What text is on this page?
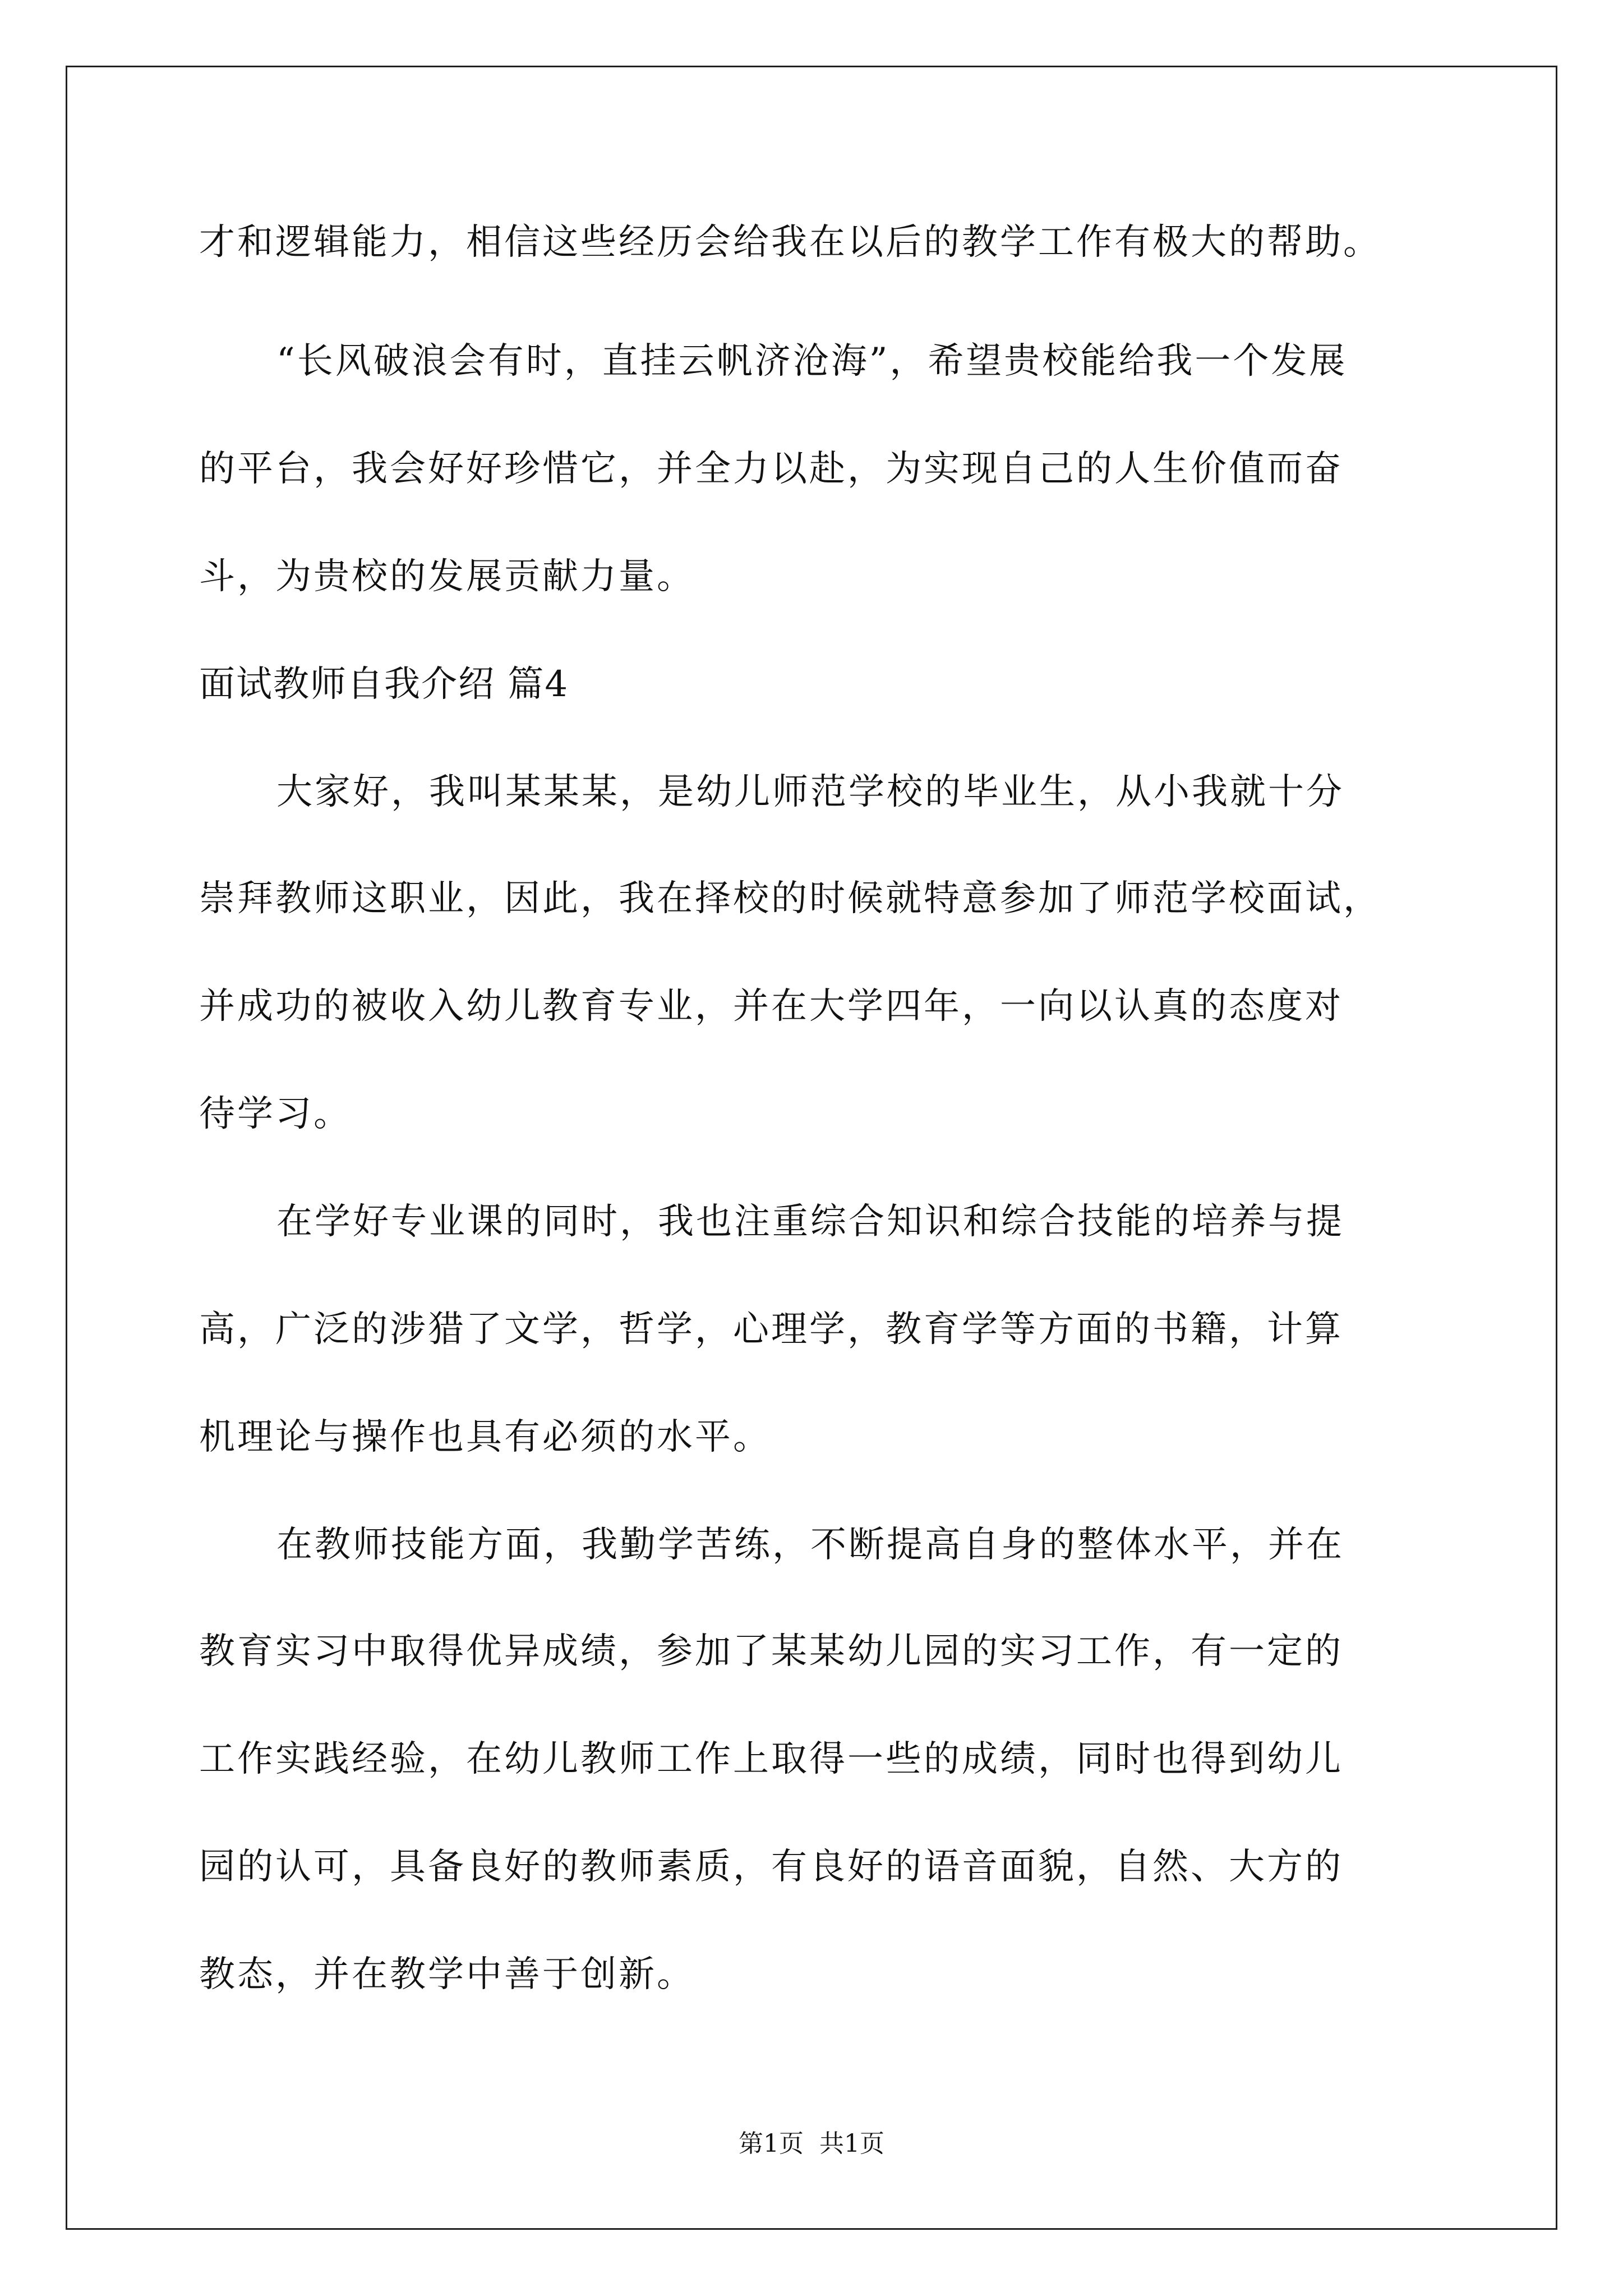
才和逻辑能力，相信这些经历会给我在以后的教学工作有极大的帮助。
“长风破浪会有时，直挂云帆济沧海”，希望贵校能给我一个发展
的平台，我会好好珍惜它，并全力以赴，为实现自己的人生价值而奋
斗，为贵校的发展贡献力量。
面试教师自我介绍 篇4
大家好，我叫某某某，是幼儿师范学校的毕业生，从小我就十分
崇拜教师这职业，因此，我在择校的时候就特意参加了师范学校面试，
并成功的被收入幼儿教育专业，并在大学四年，一向以认真的态度对
待学习。
在学好专业课的同时，我也注重综合知识和综合技能的培养与提
高，广泛的涉猎了文学，哲学，心理学，教育学等方面的书籍，计算
机理论与操作也具有必须的水平。
在教师技能方面，我勤学苦练，不断提高自身的整体水平，并在
教育实习中取得优异成绩，参加了某某幼儿园的实习工作，有一定的
工作实践经验，在幼儿教师工作上取得一些的成绩，同时也得到幼儿
园的认可，具备良好的教师素质，有良好的语音面貌，自然、大方的
教态，并在教学中善于创新。
第1页 共1页
